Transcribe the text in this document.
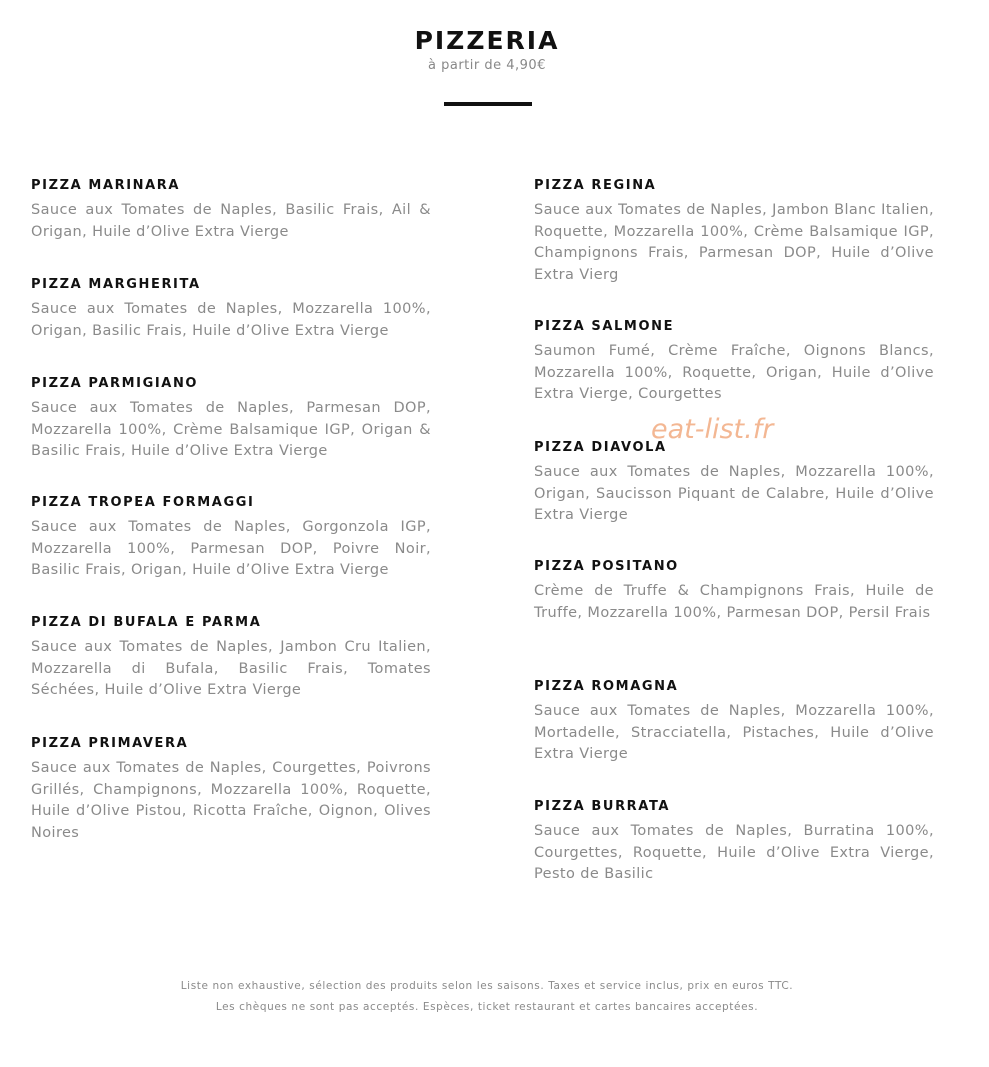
PIZZERIA
à partir de 4,90€

PIZZA MARINARA

Sauce aux Tomates de Naples, Basilic Frais, Ail & Origan, Huile d’Olive Extra Vierge

PIZZA MARGHERITA

Sauce aux Tomates de Naples, Mozzarella 100%, Origan, Basilic Frais, Huile d’Olive Extra Vierge

PIZZA PARMIGIANO

Sauce aux Tomates de Naples, Parmesan DOP, Mozzarella 100%, Crème Balsamique IGP, Origan & Basilic Frais, Huile d’Olive Extra Vierge

PIZZA TROPEA FORMAGGI

Sauce aux Tomates de Naples, Gorgonzola IGP, Mozzarella 100%, Parmesan DOP, Poivre Noir, Basilic Frais, Origan, Huile d’Olive Extra Vierge

PIZZA DI BUFALA E PARMA

Sauce aux Tomates de Naples, Jambon Cru Italien, Mozzarella di Bufala, Basilic Frais, Tomates Séchées, Huile d’Olive Extra Vierge

PIZZA PRIMAVERA

Sauce aux Tomates de Naples, Courgettes, Poivrons Grillés, Champignons, Mozzarella 100%, Roquette, Huile d’Olive Pistou, Ricotta Fraîche, Oignon, Olives Noires

PIZZA REGINA

Sauce aux Tomates de Naples, Jambon Blanc Italien, Roquette, Mozzarella 100%, Crème Balsamique IGP, Champignons Frais, Parmesan DOP, Huile d’Olive Extra Vierg

PIZZA SALMONE

Saumon Fumé, Crème Fraîche, Oignons Blancs, Mozzarella 100%, Roquette, Origan, Huile d’Olive Extra Vierge, Courgettes

PIZZA DIAVOLA

Sauce aux Tomates de Naples, Mozzarella 100%, Origan, Saucisson Piquant de Calabre, Huile d’Olive Extra Vierge

PIZZA POSITANO

Crème de Truffe & Champignons Frais, Huile de Truffe, Mozzarella 100%, Parmesan DOP, Persil Frais

PIZZA ROMAGNA

Sauce aux Tomates de Naples, Mozzarella 100%, Mortadelle, Stracciatella, Pistaches, Huile d’Olive Extra Vierge

PIZZA BURRATA

Sauce aux Tomates de Naples, Burratina 100%, Courgettes, Roquette, Huile d’Olive Extra Vierge, Pesto de Basilic

eat-list.fr
Liste non exhaustive, sélection des produits selon les saisons. Taxes et service inclus, prix en euros TTC.
Les chèques ne sont pas acceptés. Espèces, ticket restaurant et cartes bancaires acceptées.
